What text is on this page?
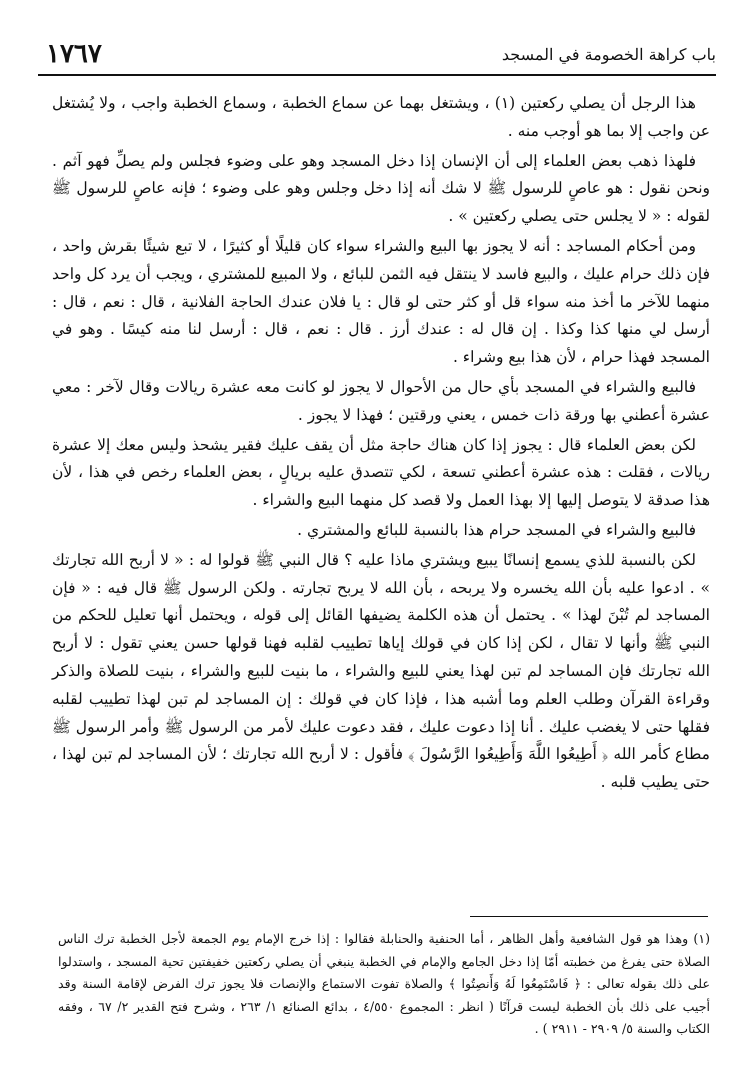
باب كراهة الخصومة في المسجد
١٧٦٧

هذا الرجل أن يصلي ركعتين (١) ، ويشتغل بهما عن سماع الخطبة ، وسماع الخطبة واجب ، ولا يُشتغل عن واجب إلا بما هو أوجب منه .

فلهذا ذهب بعض العلماء إلى أن الإنسان إذا دخل المسجد وهو على وضوء فجلس ولم يصلِّ فهو آثم . ونحن نقول : هو عاصٍ للرسول ﷺ لا شك أنه إذا دخل وجلس وهو على وضوء ؛ فإنه عاصٍ للرسول ﷺ لقوله : « لا يجلس حتى يصلي ركعتين » .

ومن أحكام المساجد : أنه لا يجوز بها البيع والشراء سواء كان قليلًا أو كثيرًا ، لا تبع شيئًا بقرش واحد ، فإن ذلك حرام عليك ، والبيع فاسد لا ينتقل فيه الثمن للبائع ، ولا المبيع للمشتري ، ويجب أن يرد كل واحد منهما للآخر ما أخذ منه سواء قل أو كثر حتى لو قال : يا فلان عندك الحاجة الفلانية ، قال : نعم ، قال : أرسل لي منها كذا وكذا . إن قال له : عندك أرز . قال : نعم ، قال : أرسل لنا منه كيسًا . وهو في المسجد فهذا حرام ، لأن هذا بيع وشراء .

فالبيع والشراء في المسجد بأي حال من الأحوال لا يجوز لو كانت معه عشرة ريالات وقال لآخر : معي عشرة أعطني بها ورقة ذات خمس ، يعني ورقتين ؛ فهذا لا يجوز .

لكن بعض العلماء قال : يجوز إذا كان هناك حاجة مثل أن يقف عليك فقير يشحذ وليس معك إلا عشرة ريالات ، فقلت : هذه عشرة أعطني تسعة ، لكي تتصدق عليه بريالٍ ، بعض العلماء رخص في هذا ، لأن هذا صدقة لا يتوصل إليها إلا بهذا العمل ولا قصد كل منهما البيع والشراء .

فالبيع والشراء في المسجد حرام هذا بالنسبة للبائع والمشتري .

لكن بالنسبة للذي يسمع إنسانًا يبيع ويشتري ماذا عليه ؟ قال النبي ﷺ قولوا له : « لا أربح الله تجارتك » . ادعوا عليه بأن الله يخسره ولا يربحه ، بأن الله لا يربح تجارته . ولكن الرسول ﷺ قال فيه : « فإن المساجد لم تُبْنَ لهذا » . يحتمل أن هذه الكلمة يضيفها القائل إلى قوله ، ويحتمل أنها تعليل للحكم من النبي ﷺ وأنها لا تقال ، لكن إذا كان في قولك إياها تطييب لقلبه فهنا قولها حسن يعني تقول : لا أربح الله تجارتك فإن المساجد لم تبن لهذا يعني للبيع والشراء ، ما بنيت للبيع والشراء ، بنيت للصلاة والذكر وقراءة القرآن وطلب العلم وما أشبه هذا ، فإذا كان في قولك : إن المساجد لم تبن لهذا تطييب لقلبه فقلها حتى لا يغضب عليك . أنا إذا دعوت عليك ، فقد دعوت عليك لأمر من الرسول ﷺ وأمر الرسول ﷺ مطاع كأمر الله ﴿ أَطِيعُوا اللَّهَ وَأَطِيعُوا الرَّسُولَ ﴾ فأقول : لا أربح الله تجارتك ؛ لأن المساجد لم تبن لهذا ، حتى يطيب قلبه .

(١) وهذا هو قول الشافعية وأهل الظاهر ، أما الحنفية والحنابلة فقالوا : إذا خرج الإمام يوم الجمعة لأجل الخطبة ترك الناس الصلاة حتى يفرغ من خطبته أمّا إذا دخل الجامع والإمام في الخطبة ينبغي أن يصلي ركعتين خفيفتين تحية المسجد ، واستدلوا على ذلك بقوله تعالى : ﴿ فَاسْتَمِعُوا لَهُ وَأَنصِتُوا ﴾ والصلاة تفوت الاستماع والإنصات فلا يجوز ترك الفرض لإقامة السنة وقد أجيب على ذلك بأن الخطبة ليست قرآنًا ( انظر : المجموع ٤/٥٥٠ ، بدائع الصنائع ١/ ٢٦٣ ، وشرح فتح القدير ٢/ ٦٧ ، وفقه الكتاب والسنة ٥/ ٢٩٠٩ - ٢٩١١ ) .
